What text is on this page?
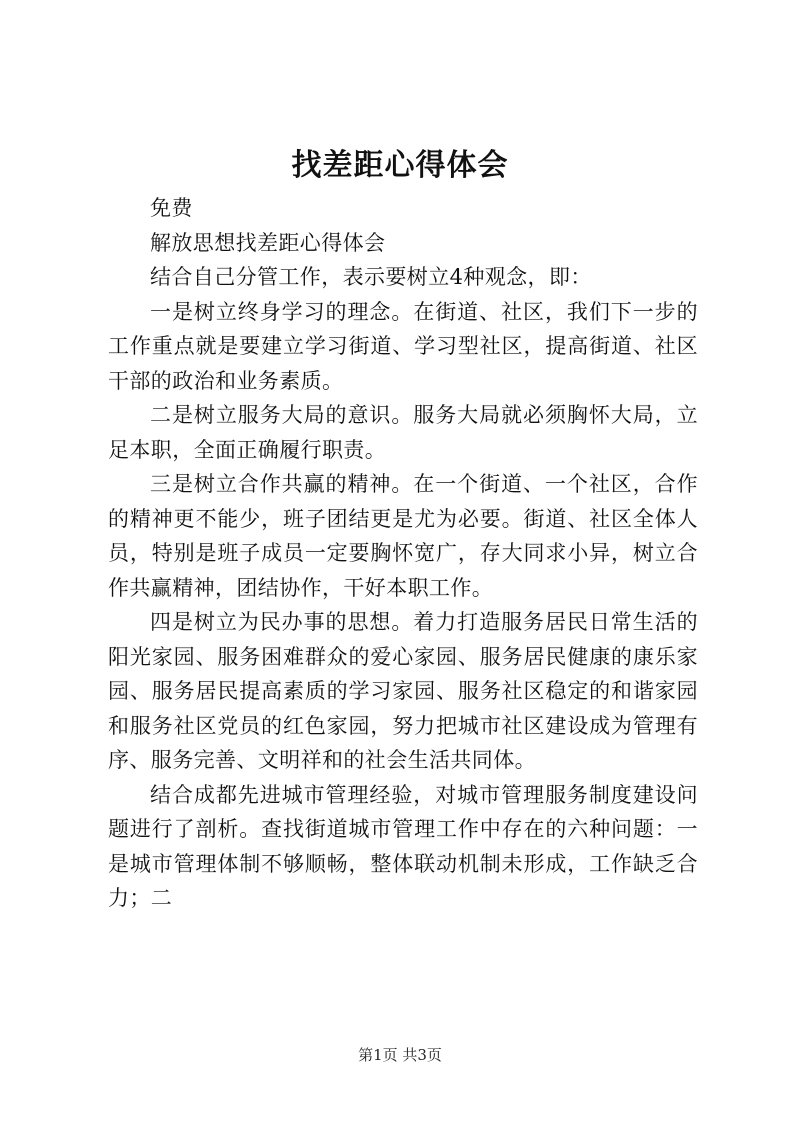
找差距心得体会

免费

解放思想找差距心得体会

结合自己分管工作，表示要树立4种观念，即：

一是树立终身学习的理念。在街道、社区，我们下一步的工作重点就是要建立学习街道、学习型社区，提高街道、社区干部的政治和业务素质。

二是树立服务大局的意识。服务大局就必须胸怀大局，立足本职，全面正确履行职责。

三是树立合作共赢的精神。在一个街道、一个社区，合作的精神更不能少，班子团结更是尤为必要。街道、社区全体人员，特别是班子成员一定要胸怀宽广，存大同求小异，树立合作共赢精神，团结协作，干好本职工作。

四是树立为民办事的思想。着力打造服务居民日常生活的阳光家园、服务困难群众的爱心家园、服务居民健康的康乐家园、服务居民提高素质的学习家园、服务社区稳定的和谐家园和服务社区党员的红色家园，努力把城市社区建设成为管理有序、服务完善、文明祥和的社会生活共同体。

结合成都先进城市管理经验，对城市管理服务制度建设问题进行了剖析。查找街道城市管理工作中存在的六种问题：一是城市管理体制不够顺畅，整体联动机制未形成，工作缺乏合力；二

第1页 共3页
